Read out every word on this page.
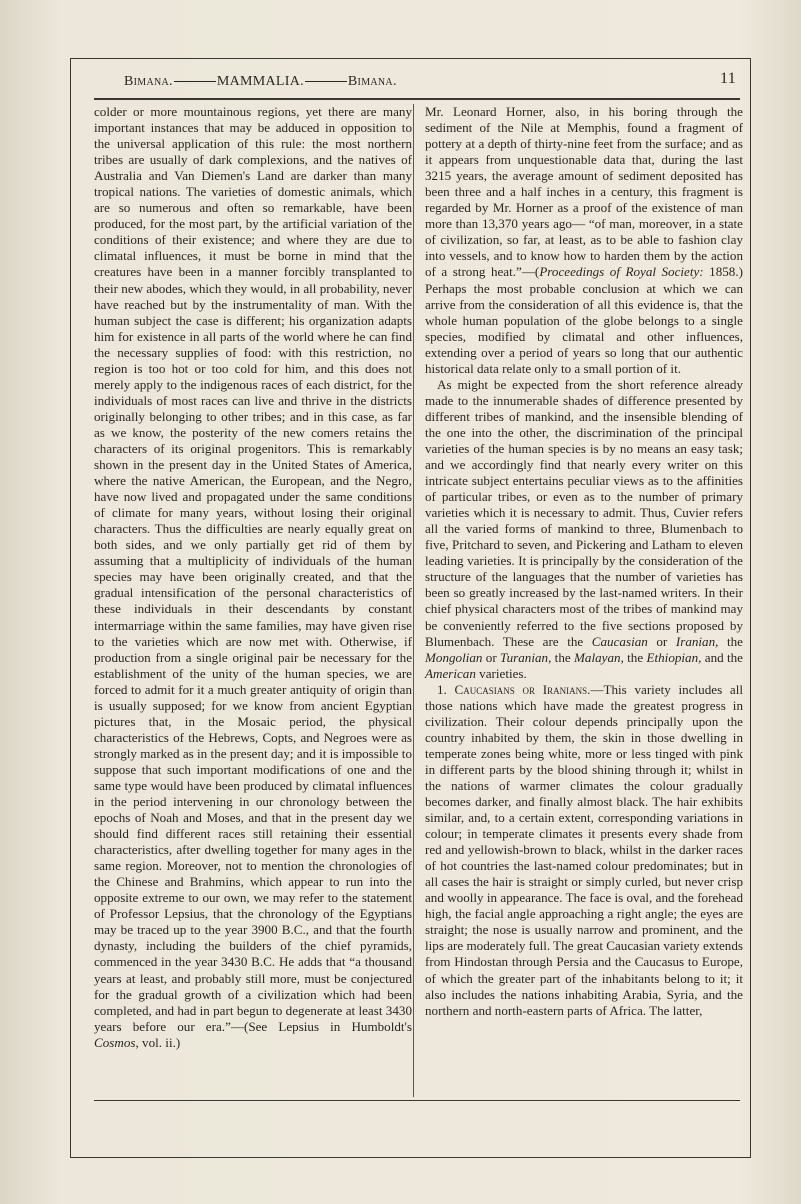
Bimana.	MAMMALIA.	Bimana.	11

colder or more mountainous regions, yet there are many important instances that may be adduced in opposition to the universal application of this rule: the most northern tribes are usually of dark complexions, and the natives of Australia and Van Diemen's Land are darker than many tropical nations. The varieties of domestic animals, which are so numerous and often so remarkable, have been produced, for the most part, by the artificial variation of the conditions of their existence; and where they are due to climatal influences, it must be borne in mind that the creatures have been in a manner forcibly transplanted to their new abodes, which they would, in all probability, never have reached but by the instrumentality of man. With the human subject the case is different; his organization adapts him for existence in all parts of the world where he can find the necessary supplies of food: with this restriction, no region is too hot or too cold for him, and this does not merely apply to the indigenous races of each district, for the individuals of most races can live and thrive in the districts originally belonging to other tribes; and in this case, as far as we know, the posterity of the new comers retains the characters of its original progenitors. This is remarkably shown in the present day in the United States of America, where the native American, the European, and the Negro, have now lived and propagated under the same conditions of climate for many years, without losing their original characters. Thus the difficulties are nearly equally great on both sides, and we only partially get rid of them by assuming that a multiplicity of individuals of the human species may have been originally created, and that the gradual intensification of the personal characteristics of these individuals in their descendants by constant intermarriage within the same families, may have given rise to the varieties which are now met with. Otherwise, if production from a single original pair be necessary for the establishment of the unity of the human species, we are forced to admit for it a much greater antiquity of origin than is usually supposed; for we know from ancient Egyptian pictures that, in the Mosaic period, the physical characteristics of the Hebrews, Copts, and Negroes were as strongly marked as in the present day; and it is impossible to suppose that such important modifications of one and the same type would have been produced by climatal influences in the period intervening in our chronology between the epochs of Noah and Moses, and that in the present day we should find different races still retaining their essential characteristics, after dwelling together for many ages in the same region. Moreover, not to mention the chronologies of the Chinese and Brahmins, which appear to run into the opposite extreme to our own, we may refer to the statement of Professor Lepsius, that the chronology of the Egyptians may be traced up to the year 3900 B.C., and that the fourth dynasty, including the builders of the chief pyramids, commenced in the year 3430 B.C. He adds that “a thousand years at least, and probably still more, must be conjectured for the gradual growth of a civilization which had been completed, and had in part begun to degenerate at least 3430 years before our era.”—(See Lepsius in Humboldt's Cosmos, vol. ii.)

Mr. Leonard Horner, also, in his boring through the sediment of the Nile at Memphis, found a fragment of pottery at a depth of thirty-nine feet from the surface; and as it appears from unquestionable data that, during the last 3215 years, the average amount of sediment deposited has been three and a half inches in a century, this fragment is regarded by Mr. Horner as a proof of the existence of man more than 13,370 years ago— “of man, moreover, in a state of civilization, so far, at least, as to be able to fashion clay into vessels, and to know how to harden them by the action of a strong heat.”—(Proceedings of Royal Society: 1858.) Perhaps the most probable conclusion at which we can arrive from the consideration of all this evidence is, that the whole human population of the globe belongs to a single species, modified by climatal and other influences, extending over a period of years so long that our authentic historical data relate only to a small portion of it.

As might be expected from the short reference already made to the innumerable shades of difference presented by different tribes of mankind, and the insensible blending of the one into the other, the discrimination of the principal varieties of the human species is by no means an easy task; and we accordingly find that nearly every writer on this intricate subject entertains peculiar views as to the affinities of particular tribes, or even as to the number of primary varieties which it is necessary to admit. Thus, Cuvier refers all the varied forms of mankind to three, Blumenbach to five, Pritchard to seven, and Pickering and Latham to eleven leading varieties. It is principally by the consideration of the structure of the languages that the number of varieties has been so greatly increased by the last-named writers. In their chief physical characters most of the tribes of mankind may be conveniently referred to the five sections proposed by Blumenbach. These are the Caucasian or Iranian, the Mongolian or Turanian, the Malayan, the Ethiopian, and the American varieties.

1. Caucasians or Iranians.—This variety includes all those nations which have made the greatest progress in civilization. Their colour depends principally upon the country inhabited by them, the skin in those dwelling in temperate zones being white, more or less tinged with pink in different parts by the blood shining through it; whilst in the nations of warmer climates the colour gradually becomes darker, and finally almost black. The hair exhibits similar, and, to a certain extent, corresponding variations in colour; in temperate climates it presents every shade from red and yellowish-brown to black, whilst in the darker races of hot countries the last-named colour predominates; but in all cases the hair is straight or simply curled, but never crisp and woolly in appearance. The face is oval, and the forehead high, the facial angle approaching a right angle; the eyes are straight; the nose is usually narrow and prominent, and the lips are moderately full. The great Caucasian variety extends from Hindostan through Persia and the Caucasus to Europe, of which the greater part of the inhabitants belong to it; it also includes the nations inhabiting Arabia, Syria, and the northern and north-eastern parts of Africa. The latter,
